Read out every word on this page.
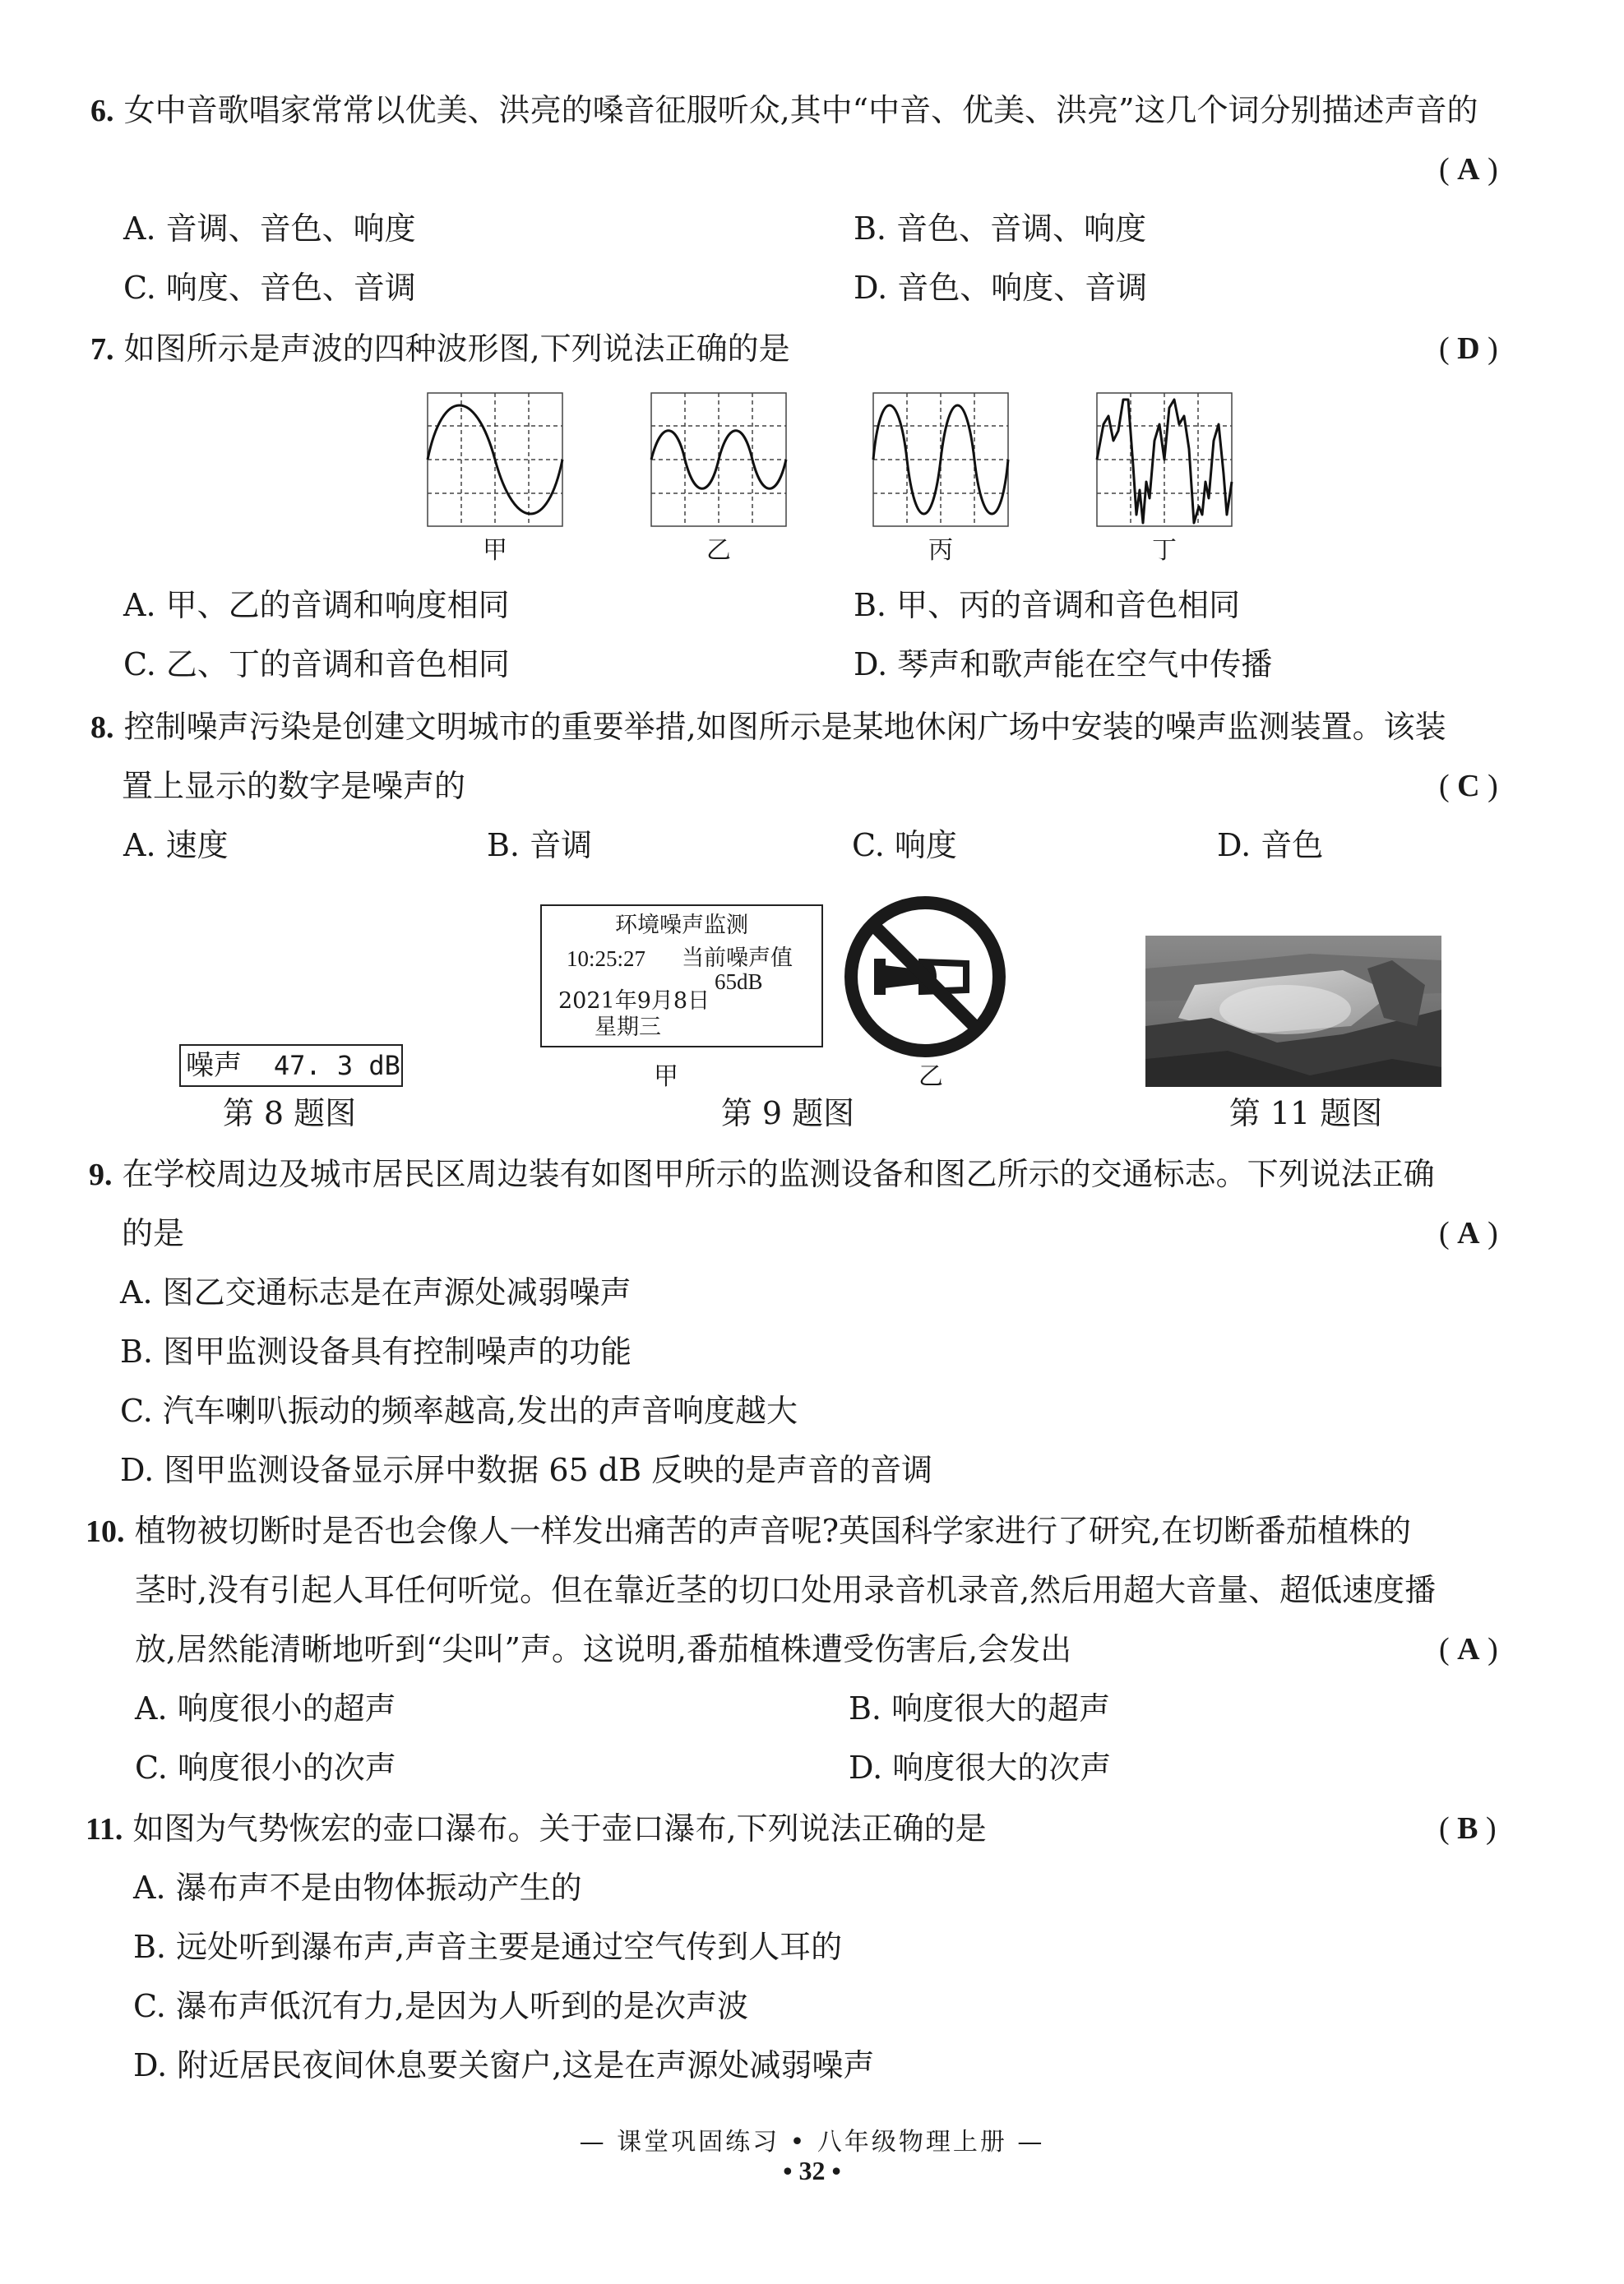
6. 女中音歌唱家常常以优美、洪亮的嗓音征服听众,其中“中音、优美、洪亮”这几个词分别描述声音的
( A )
A. 音调、音色、响度	B. 音色、音调、响度
C. 响度、音色、音调	D. 音色、响度、音调
7. 如图所示是声波的四种波形图,下列说法正确的是	( D )
甲	乙	丙	丁
A. 甲、乙的音调和响度相同	B. 甲、丙的音调和音色相同
C. 乙、丁的音调和音色相同	D. 琴声和歌声能在空气中传播
8. 控制噪声污染是创建文明城市的重要举措,如图所示是某地休闲广场中安装的噪声监测装置。该装
置上显示的数字是噪声的	( C )
A. 速度	B. 音调	C. 响度	D. 音色
噪声 47. 3 dB
第 8 题图
环境噪声监测
10:25:27 当前噪声值
65dB
2021年9月8日
星期三
甲	乙
第 9 题图	第 11 题图
9. 在学校周边及城市居民区周边装有如图甲所示的监测设备和图乙所示的交通标志。下列说法正确
的是	( A )
A. 图乙交通标志是在声源处减弱噪声
B. 图甲监测设备具有控制噪声的功能
C. 汽车喇叭振动的频率越高,发出的声音响度越大
D. 图甲监测设备显示屏中数据 65 dB 反映的是声音的音调
10. 植物被切断时是否也会像人一样发出痛苦的声音呢?英国科学家进行了研究,在切断番茄植株的
茎时,没有引起人耳任何听觉。但在靠近茎的切口处用录音机录音,然后用超大音量、超低速度播
放,居然能清晰地听到“尖叫”声。这说明,番茄植株遭受伤害后,会发出	( A )
A. 响度很小的超声	B. 响度很大的超声
C. 响度很小的次声	D. 响度很大的次声
11. 如图为气势恢宏的壶口瀑布。关于壶口瀑布,下列说法正确的是	( B )
A. 瀑布声不是由物体振动产生的
B. 远处听到瀑布声,声音主要是通过空气传到人耳的
C. 瀑布声低沉有力,是因为人听到的是次声波
D. 附近居民夜间休息要关窗户,这是在声源处减弱噪声
— 课堂巩固练习 • 八年级物理上册 —
• 32 •
